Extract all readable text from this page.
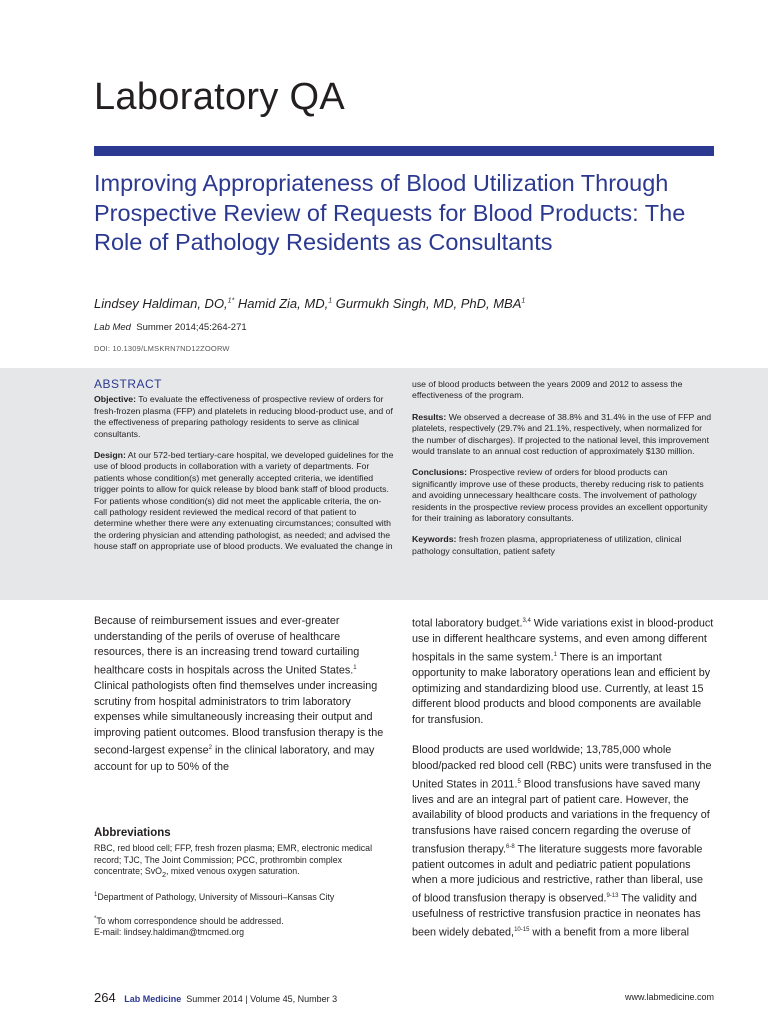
Laboratory QA
Improving Appropriateness of Blood Utilization Through Prospective Review of Requests for Blood Products: The Role of Pathology Residents as Consultants
Lindsey Haldiman, DO,$^{1*}$ Hamid Zia, MD,$^1$ Gurmukh Singh, MD, PhD, MBA$^1$
Lab Med Summer 2014;45:264-271
DOI: 10.1309/LMSKRN7ND12ZOORW
ABSTRACT

Objective: To evaluate the effectiveness of prospective review of orders for fresh-frozen plasma (FFP) and platelets in reducing blood-product use, and of the effectiveness of preparing pathology residents to serve as clinical consultants.

Design: At our 572-bed tertiary-care hospital, we developed guidelines for the use of blood products in collaboration with a variety of departments. For patients whose condition(s) met generally accepted criteria, we identified trigger points to allow for quick release by blood bank staff of blood products. For patients whose condition(s) did not meet the applicable criteria, the on-call pathology resident reviewed the medical record of that patient to determine whether there were any extenuating circumstances; consulted with the ordering physician and attending pathologist, as needed; and advised the house staff on appropriate use of blood products. We evaluated the change in

use of blood products between the years 2009 and 2012 to assess the effectiveness of the program.

Results: We observed a decrease of 38.8% and 31.4% in the use of FFP and platelets, respectively (29.7% and 21.1%, respectively, when normalized for the number of discharges). If projected to the national level, this improvement would translate to an annual cost reduction of approximately $130 million.

Conclusions: Prospective review of orders for blood products can significantly improve use of these products, thereby reducing risk to patients and avoiding unnecessary healthcare costs. The involvement of pathology residents in the prospective review process provides an excellent opportunity for their training as laboratory consultants.

Keywords: fresh frozen plasma, appropriateness of utilization, clinical pathology consultation, patient safety

Because of reimbursement issues and ever-greater understanding of the perils of overuse of healthcare resources, there is an increasing trend toward curtailing healthcare costs in hospitals across the United States.$^1$ Clinical pathologists often find themselves under increasing scrutiny from hospital administrators to trim laboratory expenses while simultaneously increasing their output and improving patient outcomes. Blood transfusion therapy is the second-largest expense$^2$ in the clinical laboratory, and may account for up to 50% of the

Abbreviations

RBC, red blood cell; FFP, fresh frozen plasma; EMR, electronic medical record; TJC, The Joint Commission; PCC, prothrombin complex concentrate; SvO$_2$, mixed venous oxygen saturation.

$^1$Department of Pathology, University of Missouri–Kansas City

*To whom correspondence should be addressed.
E-mail: lindsey.haldiman@tmcmed.org

total laboratory budget.$^{3,4}$ Wide variations exist in blood-product use in different healthcare systems, and even among different hospitals in the same system.$^1$ There is an important opportunity to make laboratory operations lean and efficient by optimizing and standardizing blood use. Currently, at least 15 different blood products and blood components are available for transfusion.

Blood products are used worldwide; 13,785,000 whole blood/packed red blood cell (RBC) units were transfused in the United States in 2011.$^5$ Blood transfusions have saved many lives and are an integral part of patient care. However, the availability of blood products and variations in the frequency of transfusions have raised concern regarding the overuse of transfusion therapy.$^{6-8}$ The literature suggests more favorable patient outcomes in adult and pediatric patient populations when a more judicious and restrictive, rather than liberal, use of blood transfusion therapy is observed.$^{9-13}$ The validity and usefulness of restrictive transfusion practice in neonates has been widely debated,$^{10-15}$ with a benefit from a more liberal

264 Lab Medicine Summer 2014 | Volume 45, Number 3	www.labmedicine.com
